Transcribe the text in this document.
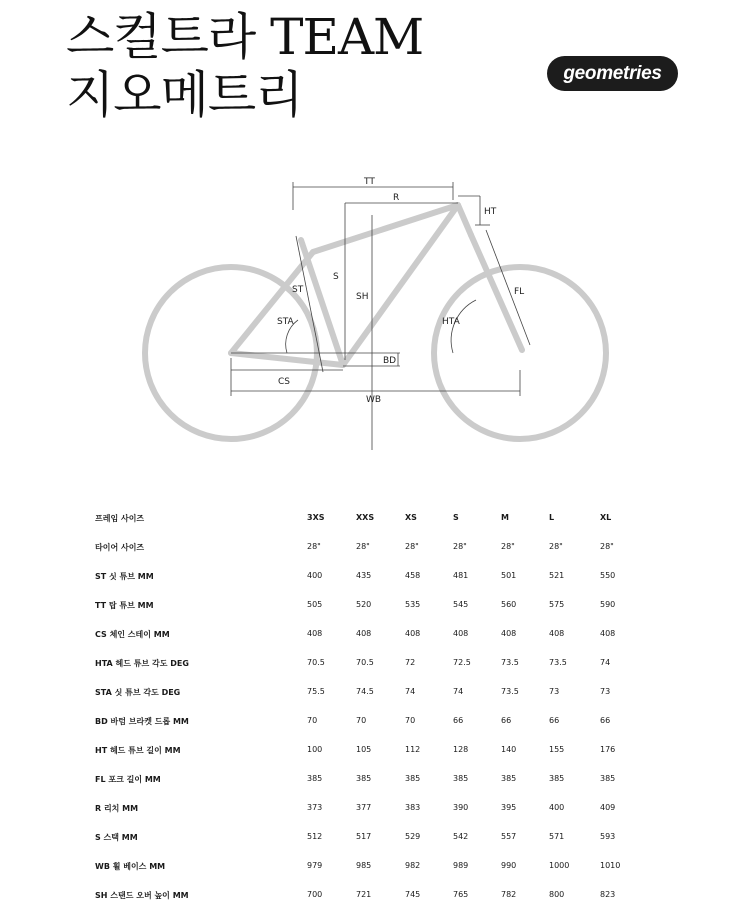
스컬트라 TEAM
지오메트리	geometries
TT
R
HT
S
SH
ST
STA
FL
HTA
BD
CS
WB
프레임 사이즈	3XS	XXS	XS	S	M	L	XL
타이어 사이즈	28"	28"	28"	28"	28"	28"	28"
ST 싯 튜브 MM	400	435	458	481	501	521	550
TT 탑 튜브 MM	505	520	535	545	560	575	590
CS 체인 스테이 MM	408	408	408	408	408	408	408
HTA 헤드 튜브 각도 DEG	70.5	70.5	72	72.5	73.5	73.5	74
STA 싯 튜브 각도 DEG	75.5	74.5	74	74	73.5	73	73
BD 바텀 브라켓 드롭 MM	70	70	70	66	66	66	66
HT 헤드 튜브 길이 MM	100	105	112	128	140	155	176
FL 포크 길이 MM	385	385	385	385	385	385	385
R 리치 MM	373	377	383	390	395	400	409
S 스택 MM	512	517	529	542	557	571	593
WB 휠 베이스 MM	979	985	982	989	990	1000	1010
SH 스탠드 오버 높이 MM	700	721	745	765	782	800	823
